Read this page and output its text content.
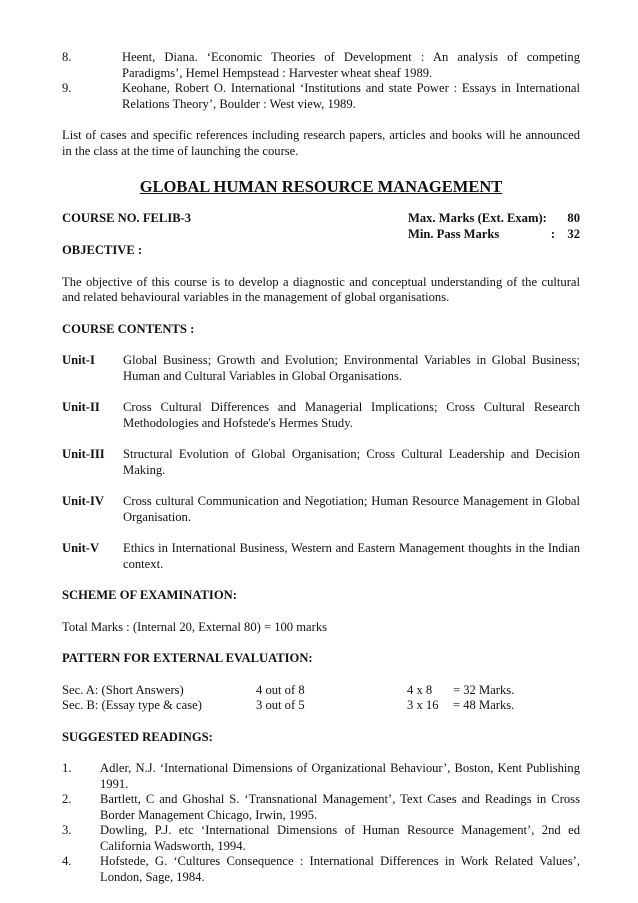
8.	Heent, Diana. ‘Economic Theories of Development : An analysis of competing Paradigms’, Hemel Hempstead : Harvester wheat sheaf 1989.
9.	Keohane, Robert O. International ‘Institutions and state Power : Essays in International Relations Theory’, Boulder : West view, 1989.
List of cases and specific references including research papers, articles and books will he announced in the class at the time of launching the course.
GLOBAL HUMAN RESOURCE MANAGEMENT
COURSE NO. FELIB-3	Max. Marks (Ext. Exam):	80
Min. Pass Marks	: 32
OBJECTIVE :
The objective of this course is to develop a diagnostic and conceptual understanding of the cultural and related behavioural variables in the management of global organisations.
COURSE CONTENTS :
Unit-I	Global Business; Growth and Evolution; Environmental Variables in Global Business; Human and Cultural Variables in Global Organisations.
Unit-II	Cross Cultural Differences and Managerial Implications; Cross Cultural Research Methodologies and Hofstede's Hermes Study.
Unit-III	Structural Evolution of Global Organisation; Cross Cultural Leadership and Decision Making.
Unit-IV	Cross cultural Communication and Negotiation; Human Resource Management in Global Organisation.
Unit-V	Ethics in International Business, Western and Eastern Management thoughts in the Indian context.
SCHEME OF EXAMINATION:
Total Marks : (Internal 20, External 80) = 100 marks
PATTERN FOR EXTERNAL EVALUATION:
Sec. A: (Short Answers)	4 out of 8	4 x 8	= 32 Marks.
Sec. B: (Essay type & case)	3 out of 5	3 x 16	= 48 Marks.
SUGGESTED READINGS:
1.	Adler, N.J. ‘International Dimensions of Organizational Behaviour’, Boston, Kent Publishing 1991.
2.	Bartlett, C and Ghoshal S. ‘Transnational Management’, Text Cases and Readings in Cross Border Management Chicago, Irwin, 1995.
3.	Dowling, P.J. etc ‘International Dimensions of Human Resource Management’, 2nd ed California Wadsworth, 1994.
4.	Hofstede, G. ‘Cultures Consequence : International Differences in Work Related Values’, London, Sage, 1984.
